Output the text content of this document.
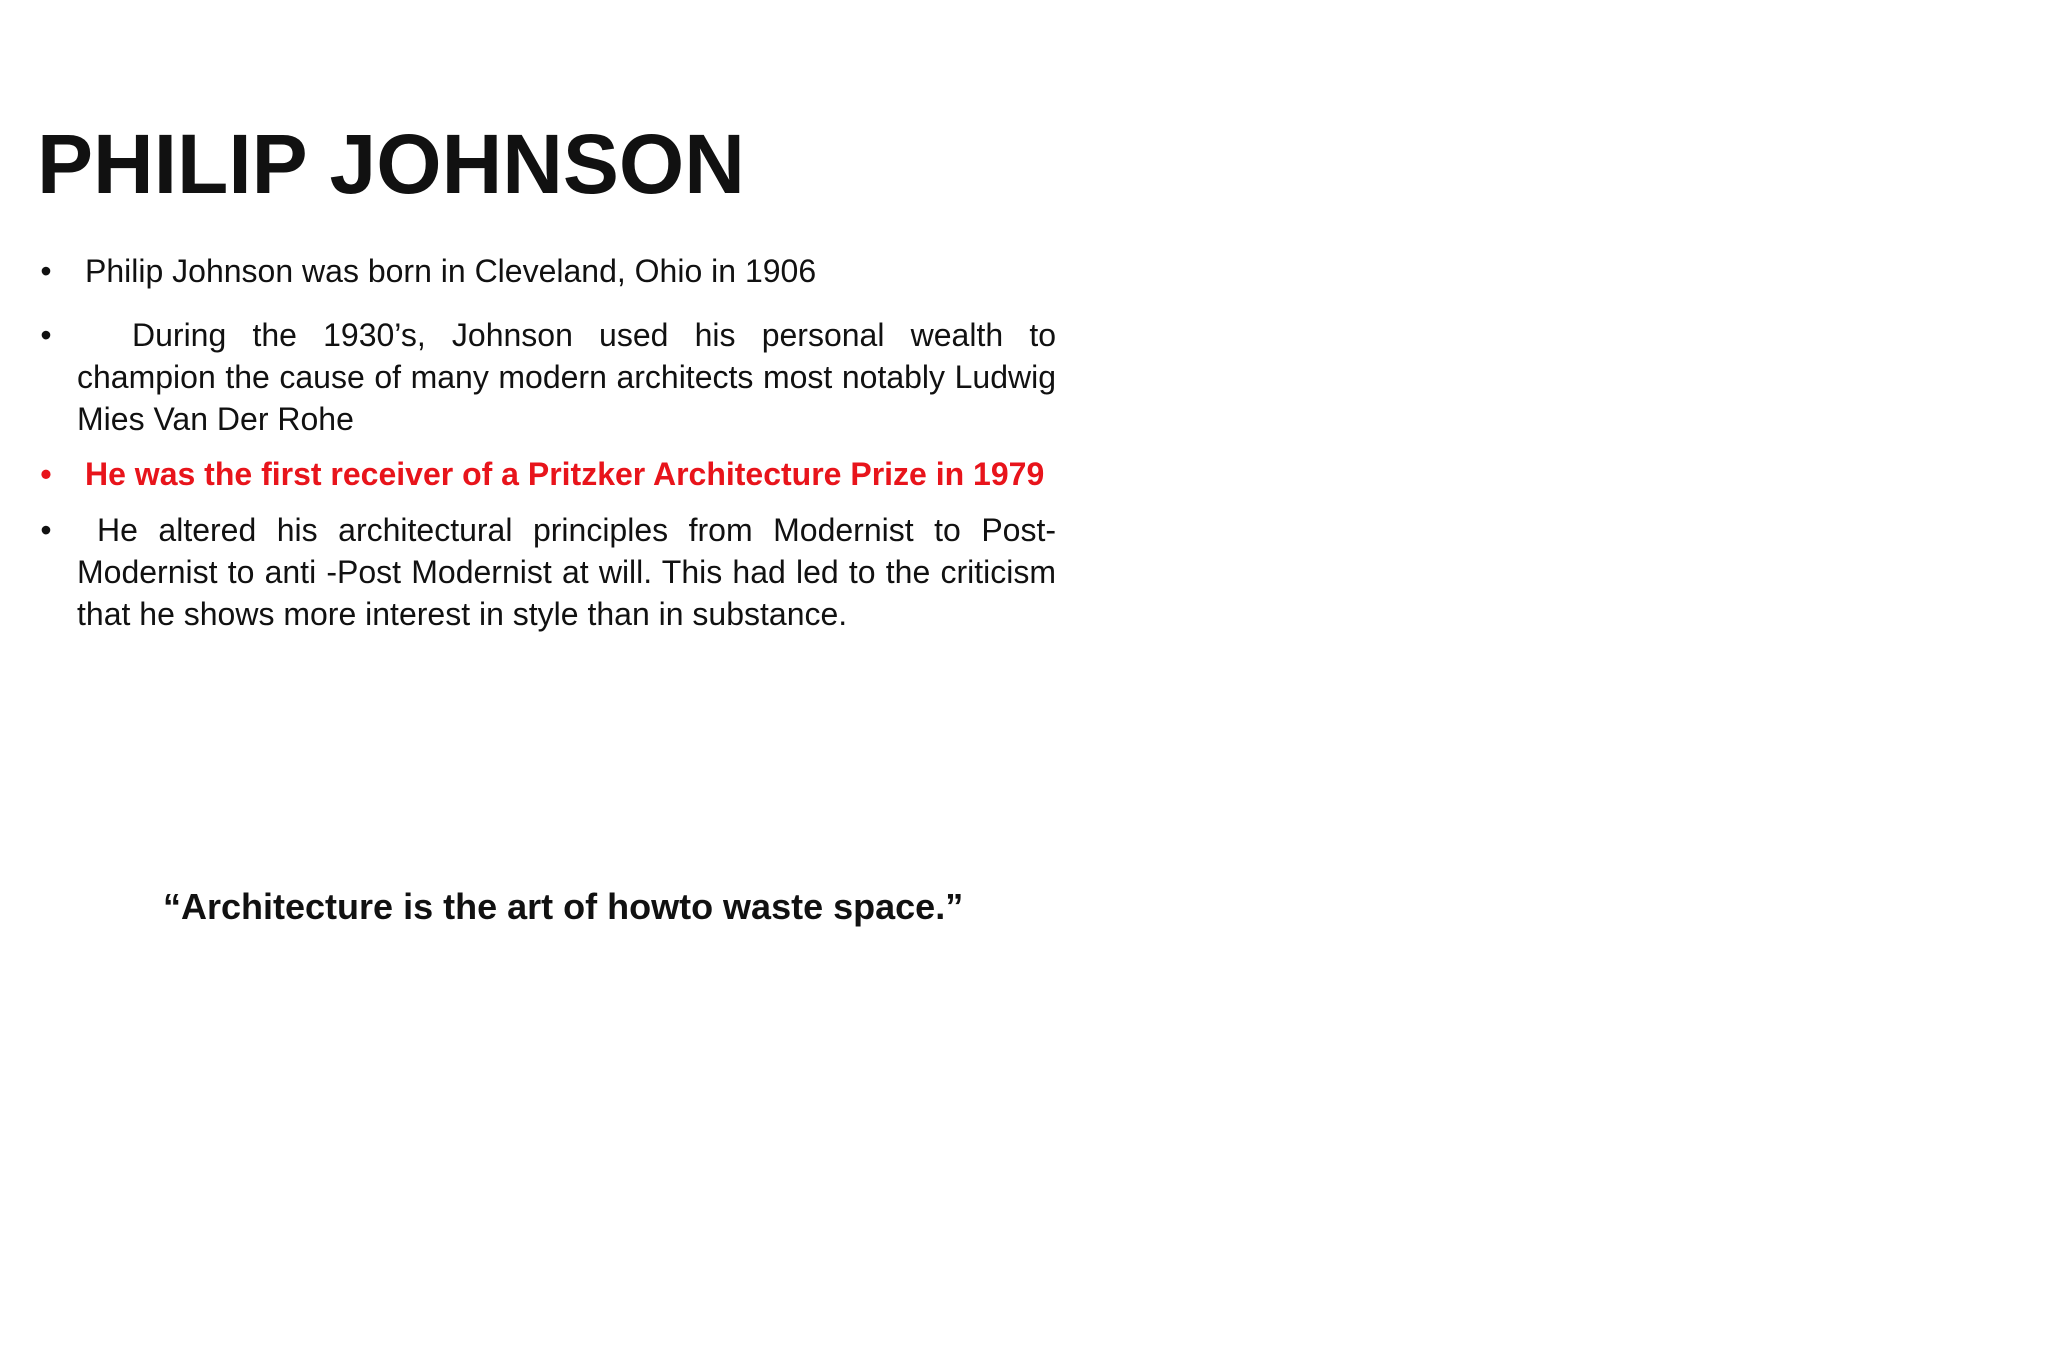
PHILIP JOHNSON
• Philip Johnson was born in Cleveland, Ohio in 1906
•	During the 1930’s, Johnson used his personal wealth to champion the cause of many modern architects most notably Ludwig Mies Van Der Rohe
• He was the first receiver of a Pritzker Architecture Prize in 1979
• He altered his architectural principles from Modernist to Post-Modernist to anti -Post Modernist at will. This had led to the criticism that he shows more interest in style than in substance.

“Architecture is the art of howto waste space.”
